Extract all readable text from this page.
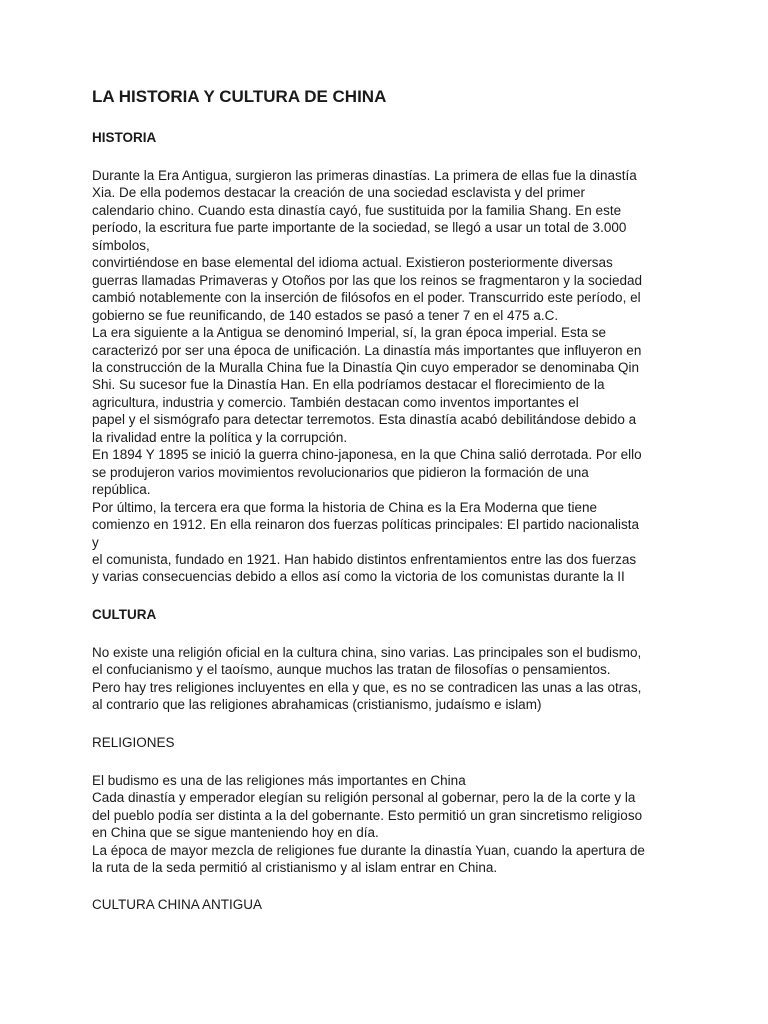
LA HISTORIA Y CULTURA DE CHINA
HISTORIA
Durante la Era Antigua, surgieron las primeras dinastías. La primera de ellas fue la dinastía
Xia. De ella podemos destacar la creación de una sociedad esclavista y del primer
calendario chino. Cuando esta dinastía cayó, fue sustituida por la familia Shang. En este
período, la escritura fue parte importante de la sociedad, se llegó a usar un total de 3.000
símbolos,
convirtiéndose en base elemental del idioma actual. Existieron posteriormente diversas
guerras llamadas Primaveras y Otoños por las que los reinos se fragmentaron y la sociedad
cambió notablemente con la inserción de filósofos en el poder. Transcurrido este período, el
gobierno se fue reunificando, de 140 estados se pasó a tener 7 en el 475 a.C.
La era siguiente a la Antigua se denominó Imperial, sí, la gran época imperial. Esta se
caracterizó por ser una época de unificación. La dinastía más importantes que influyeron en
la construcción de la Muralla China fue la Dinastía Qin cuyo emperador se denominaba Qin
Shi. Su sucesor fue la Dinastía Han. En ella podríamos destacar el florecimiento de la
agricultura, industria y comercio. También destacan como inventos importantes el
papel y el sismógrafo para detectar terremotos. Esta dinastía acabó debilitándose debido a
la rivalidad entre la política y la corrupción.
En 1894 Y 1895 se inició la guerra chino-japonesa, en la que China salió derrotada. Por ello
se produjeron varios movimientos revolucionarios que pidieron la formación de una
república.
Por último, la tercera era que forma la historia de China es la Era Moderna que tiene
comienzo en 1912. En ella reinaron dos fuerzas políticas principales: El partido nacionalista
y
el comunista, fundado en 1921. Han habido distintos enfrentamientos entre las dos fuerzas
y varias consecuencias debido a ellos así como la victoria de los comunistas durante la II
CULTURA
No existe una religión oficial en la cultura china, sino varias. Las principales son el budismo,
el confucianismo y el taoísmo, aunque muchos las tratan de filosofías o pensamientos.
Pero hay tres religiones incluyentes en ella y que, es no se contradicen las unas a las otras,
al contrario que las religiones abrahamicas (cristianismo, judaísmo e islam)
RELIGIONES
El budismo es una de las religiones más importantes en China
Cada dinastía y emperador elegían su religión personal al gobernar, pero la de la corte y la
del pueblo podía ser distinta a la del gobernante. Esto permitió un gran sincretismo religioso
en China que se sigue manteniendo hoy en día.
La época de mayor mezcla de religiones fue durante la dinastía Yuan, cuando la apertura de
la ruta de la seda permitió al cristianismo y al islam entrar en China.
CULTURA CHINA ANTIGUA
